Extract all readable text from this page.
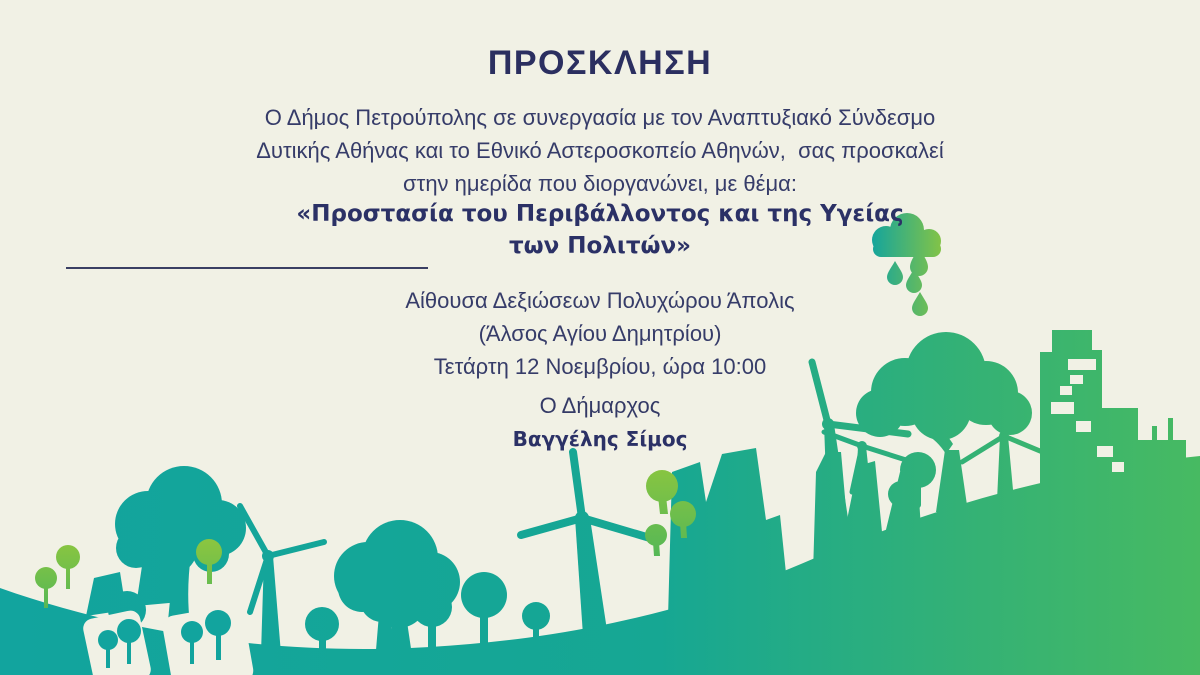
ΠΡΟΣΚΛΗΣΗ
Ο Δήμος Πετρούπολης σε συνεργασία με τον Αναπτυξιακό Σύνδεσμο
Δυτικής Αθήνας και το Εθνικό Αστεροσκοπείο Αθηνών,  σας προσκαλεί
στην ημερίδα που διοργανώνει, με θέμα:
«Προστασία του Περιβάλλοντος και της Υγείας
των Πολιτών»
Αίθουσα Δεξιώσεων Πολυχώρου Άπολις
(Άλσος Αγίου Δημητρίου)
Τετάρτη 12 Νοεμβρίου, ώρα 10:00
Ο Δήμαρχος
Βαγγέλης Σίμος
